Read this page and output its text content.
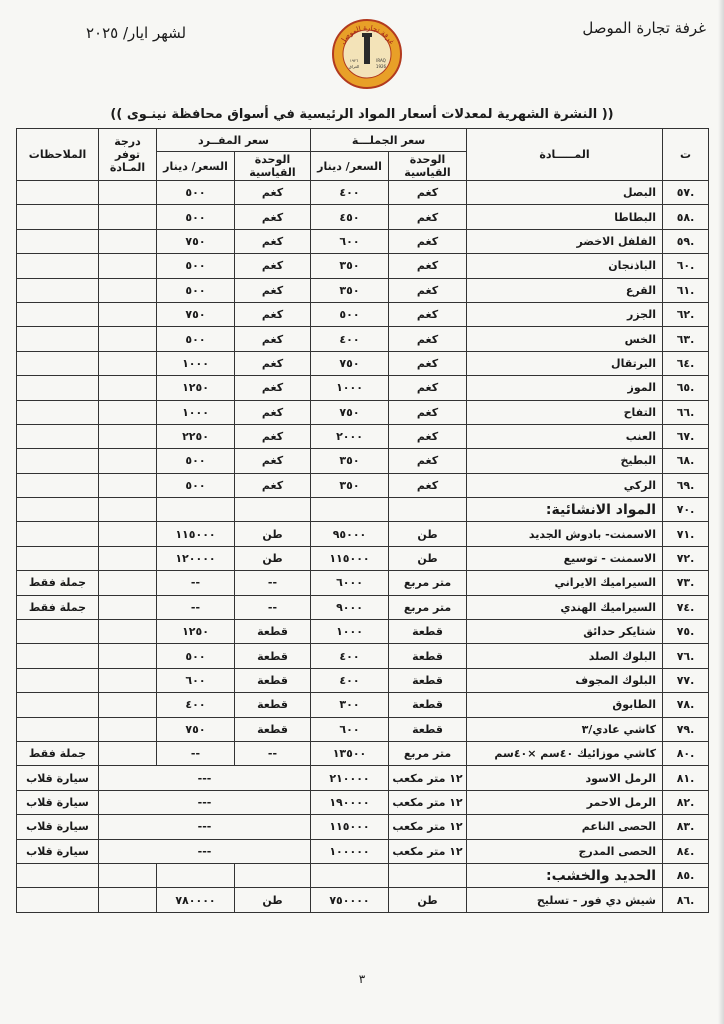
لشهر ايار/ ٢٠٢٥	غرفة تجارة الموصل
غرفة تجارة الموصل
١٩٢٦
العراق
IRAQ
1926
(( النشرة الشهرية لمعدلات أسعار المواد الرئيسية في أسواق محافظة نينـوى ))
ت	المـــــادة	سعر الجملـــة		سعر المفــرد		درجة توفر المـادة	الملاحظات
		الوحدة القياسية	السعر/ دينار	الوحدة القياسية	السعر/ دينار		
.٥٧	البصل	كغم	٤٠٠	كغم	٥٠٠		
.٥٨	البطاطا	كغم	٤٥٠	كغم	٥٠٠		
.٥٩	الفلفل الاخضر	كغم	٦٠٠	كغم	٧٥٠		
.٦٠	الباذنجان	كغم	٣٥٠	كغم	٥٠٠		
.٦١	القرع	كغم	٣٥٠	كغم	٥٠٠		
.٦٢	الجزر	كغم	٥٠٠	كغم	٧٥٠		
.٦٣	الخس	كغم	٤٠٠	كغم	٥٠٠		
.٦٤	البرتقال	كغم	٧٥٠	كغم	١٠٠٠		
.٦٥	الموز	كغم	١٠٠٠	كغم	١٢٥٠		
.٦٦	التفاح	كغم	٧٥٠	كغم	١٠٠٠		
.٦٧	العنب	كغم	٢٠٠٠	كغم	٢٢٥٠		
.٦٨	البطيخ	كغم	٣٥٠	كغم	٥٠٠		
.٦٩	الركي	كغم	٣٥٠	كغم	٥٠٠		
.٧٠	المواد الانشائية:						
.٧١	الاسمنت- بادوش الجديد	طن	٩٥٠٠٠	طن	١١٥٠٠٠		
.٧٢	الاسمنت - توسيع	طن	١١٥٠٠٠	طن	١٢٠٠٠٠		
.٧٣	السيراميك الايراني	متر مربع	٦٠٠٠	--	--		جملة فقط
.٧٤	السيراميك الهندي	متر مربع	٩٠٠٠	--	--		جملة فقط
.٧٥	شتايكر حدائق	قطعة	١٠٠٠	قطعة	١٢٥٠		
.٧٦	البلوك الصلد	قطعة	٤٠٠	قطعة	٥٠٠		
.٧٧	البلوك المجوف	قطعة	٤٠٠	قطعة	٦٠٠		
.٧٨	الطابوق	قطعة	٣٠٠	قطعة	٤٠٠		
.٧٩	كاشي عادي/٣	قطعة	٦٠٠	قطعة	٧٥٠		
.٨٠	كاشي موزائيك ٤٠سم ×٤٠سم	متر مربع	١٣٥٠٠	--	--		جملة فقط
.٨١	الرمل الاسود	١٢ متر مكعب	٢١٠٠٠٠	---			سيارة قلاب
.٨٢	الرمل الاحمر	١٢ متر مكعب	١٩٠٠٠٠	---			سيارة قلاب
.٨٣	الحصى الناعم	١٢ متر مكعب	١١٥٠٠٠	---			سيارة قلاب
.٨٤	الحصى المدرج	١٢ متر مكعب	١٠٠٠٠٠	---			سيارة قلاب
.٨٥	الحديد والخشب:						
.٨٦	شيش دي فور - تسليح	طن	٧٥٠٠٠٠	طن	٧٨٠٠٠٠		
٣
